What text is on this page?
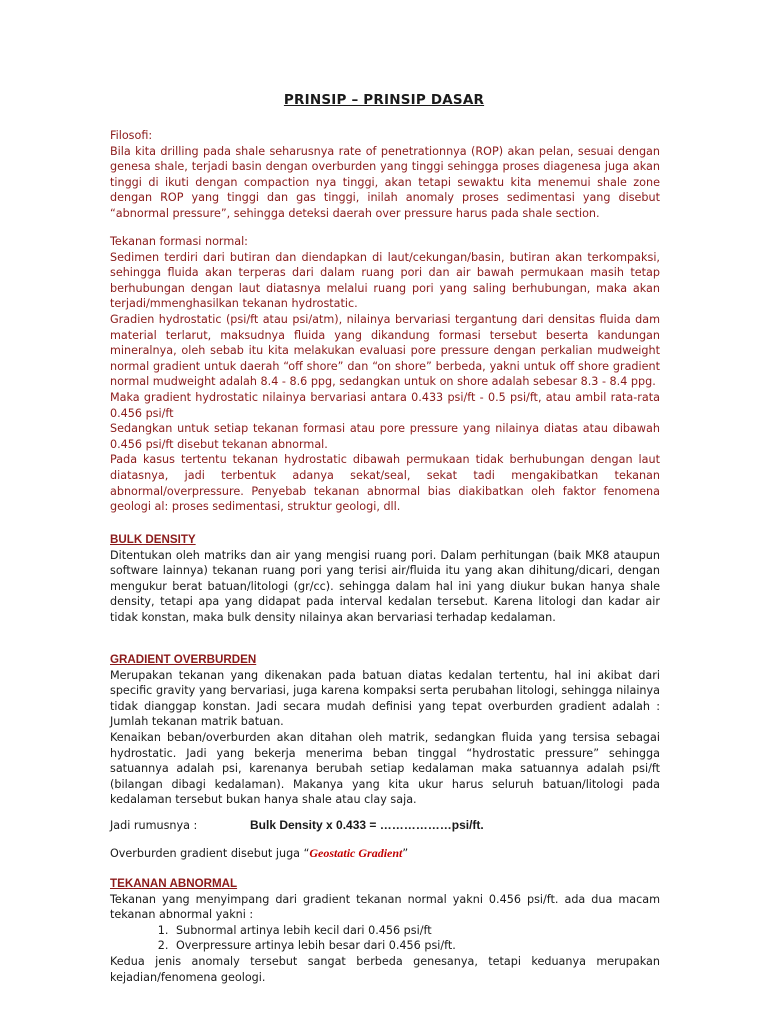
PRINSIP – PRINSIP DASAR

Filosofi:

Bila kita drilling pada shale seharusnya rate of penetrationnya (ROP) akan pelan, sesuai dengan genesa shale, terjadi basin dengan overburden yang tinggi sehingga proses diagenesa juga akan tinggi di ikuti dengan compaction nya tinggi, akan tetapi sewaktu kita menemui shale zone dengan ROP yang tinggi dan gas tinggi, inilah anomaly proses sedimentasi yang disebut “abnormal pressure”, sehingga deteksi daerah over pressure harus pada shale section.

Tekanan formasi normal:

Sedimen terdiri dari butiran dan diendapkan di laut/cekungan/basin, butiran akan terkompaksi, sehingga fluida akan terperas dari dalam ruang pori dan air bawah permukaan masih tetap berhubungan dengan laut diatasnya melalui ruang pori yang saling berhubungan, maka akan terjadi/mmenghasilkan tekanan hydrostatic.

Gradien hydrostatic (psi/ft atau psi/atm), nilainya bervariasi tergantung dari densitas fluida dam material terlarut, maksudnya fluida yang dikandung formasi tersebut beserta kandungan mineralnya, oleh sebab itu kita melakukan evaluasi pore pressure dengan perkalian mudweight normal gradient untuk daerah “off shore” dan “on shore” berbeda, yakni untuk off shore gradient normal mudweight adalah 8.4 - 8.6 ppg, sedangkan untuk on shore adalah sebesar 8.3 - 8.4 ppg.

Maka gradient hydrostatic nilainya bervariasi antara 0.433 psi/ft - 0.5 psi/ft, atau ambil rata-rata 0.456 psi/ft

Sedangkan untuk setiap tekanan formasi atau pore pressure yang nilainya diatas atau dibawah 0.456 psi/ft disebut tekanan abnormal.

Pada kasus tertentu tekanan hydrostatic dibawah permukaan tidak berhubungan dengan laut diatasnya, jadi terbentuk adanya sekat/seal, sekat tadi mengakibatkan tekanan abnormal/overpressure. Penyebab tekanan abnormal bias diakibatkan oleh faktor fenomena geologi al: proses sedimentasi, struktur geologi, dll.

BULK DENSITY

Ditentukan oleh matriks dan air yang mengisi ruang pori. Dalam perhitungan (baik MK8 ataupun software lainnya) tekanan ruang pori yang terisi air/fluida itu yang akan dihitung/dicari, dengan mengukur berat batuan/litologi (gr/cc). sehingga dalam hal ini yang diukur bukan hanya shale density, tetapi apa yang didapat pada interval kedalan tersebut. Karena litologi dan kadar air tidak konstan, maka bulk density nilainya akan bervariasi terhadap kedalaman.

GRADIENT OVERBURDEN

Merupakan tekanan yang dikenakan pada batuan diatas kedalan tertentu, hal ini akibat dari specific gravity yang bervariasi, juga karena kompaksi serta perubahan litologi, sehingga nilainya tidak dianggap konstan. Jadi secara mudah definisi yang tepat overburden gradient adalah : Jumlah tekanan matrik batuan.

Kenaikan beban/overburden akan ditahan oleh matrik, sedangkan fluida yang tersisa sebagai hydrostatic. Jadi yang bekerja menerima beban tinggal “hydrostatic pressure” sehingga satuannya adalah psi, karenanya berubah setiap kedalaman maka satuannya adalah psi/ft (bilangan dibagi kedalaman). Makanya yang kita ukur harus seluruh batuan/litologi pada kedalaman tersebut bukan hanya shale atau clay saja.

Jadi rumusnya :	Bulk Density x 0.433 = ………………psi/ft.
Overburden gradient disebut juga “Geostatic Gradient”

TEKANAN ABNORMAL

Tekanan yang menyimpang dari gradient tekanan normal yakni 0.456 psi/ft. ada dua macam tekanan abnormal yakni :

1. Subnormal artinya lebih kecil dari 0.456 psi/ft
2. Overpressure artinya lebih besar dari 0.456 psi/ft.

Kedua jenis anomaly tersebut sangat berbeda genesanya, tetapi keduanya merupakan kejadian/fenomena geologi.
